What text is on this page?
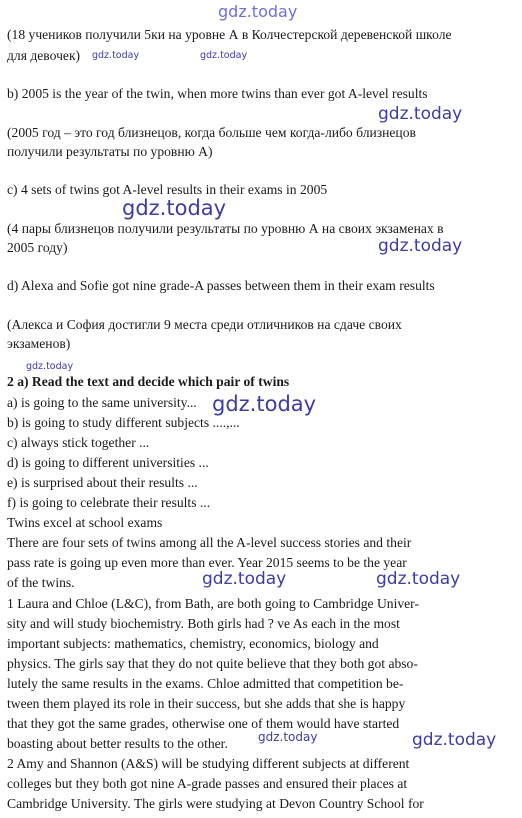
gdz.today
(18 учеников получили 5ки на уровне А в Колчестерской деревенской школе
для девочек) gdz.today	gdz.today
b) 2005 is the year of the twin, when more twins than ever got A-level results
gdz.today
(2005 год – это год близнецов, когда больше чем когда-либо близнецов
получили результаты по уровню А)
c) 4 sets of twins got A-level results in their exams in 2005
gdz.today
(4 пары близнецов получили результаты по уровню А на своих экзаменах в
2005 году)	gdz.today
d) Alexa and Sofie got nine grade-A passes between them in their exam results
(Алекса и София достигли 9 места среди отличников на сдаче своих
экзаменов)
gdz.today
2 a) Read the text and decide which pair of twins
a) is going to the same university... gdz.today
b) is going to study different subjects ....,...
c) always stick together ...
d) is going to different universities ...
e) is surprised about their results ...
f) is going to celebrate their results ...
Twins excel at school exams
There are four sets of twins among all the A-level success stories and their
pass rate is going up even more than ever. Year 2015 seems to be the year
of the twins.	gdz.today	gdz.today
1 Laura and Chloe (L&C), from Bath, are both going to Cambridge Univer-
sity and will study biochemistry. Both girls had ? ve As each in the most
important subjects: mathematics, chemistry, economics, biology and
physics. The girls say that they do not quite believe that they both got abso-
lutely the same results in the exams. Chloe admitted that competition be-
tween them played its role in their success, but she adds that she is happy
that they got the same grades, otherwise one of them would have started
boasting about better results to the other.	gdz.today	gdz.today
2 Amy and Shannon (A&S) will be studying different subjects at different
colleges but they both got nine A-grade passes and ensured their places at
Cambridge University. The girls were studying at Devon Country School for
